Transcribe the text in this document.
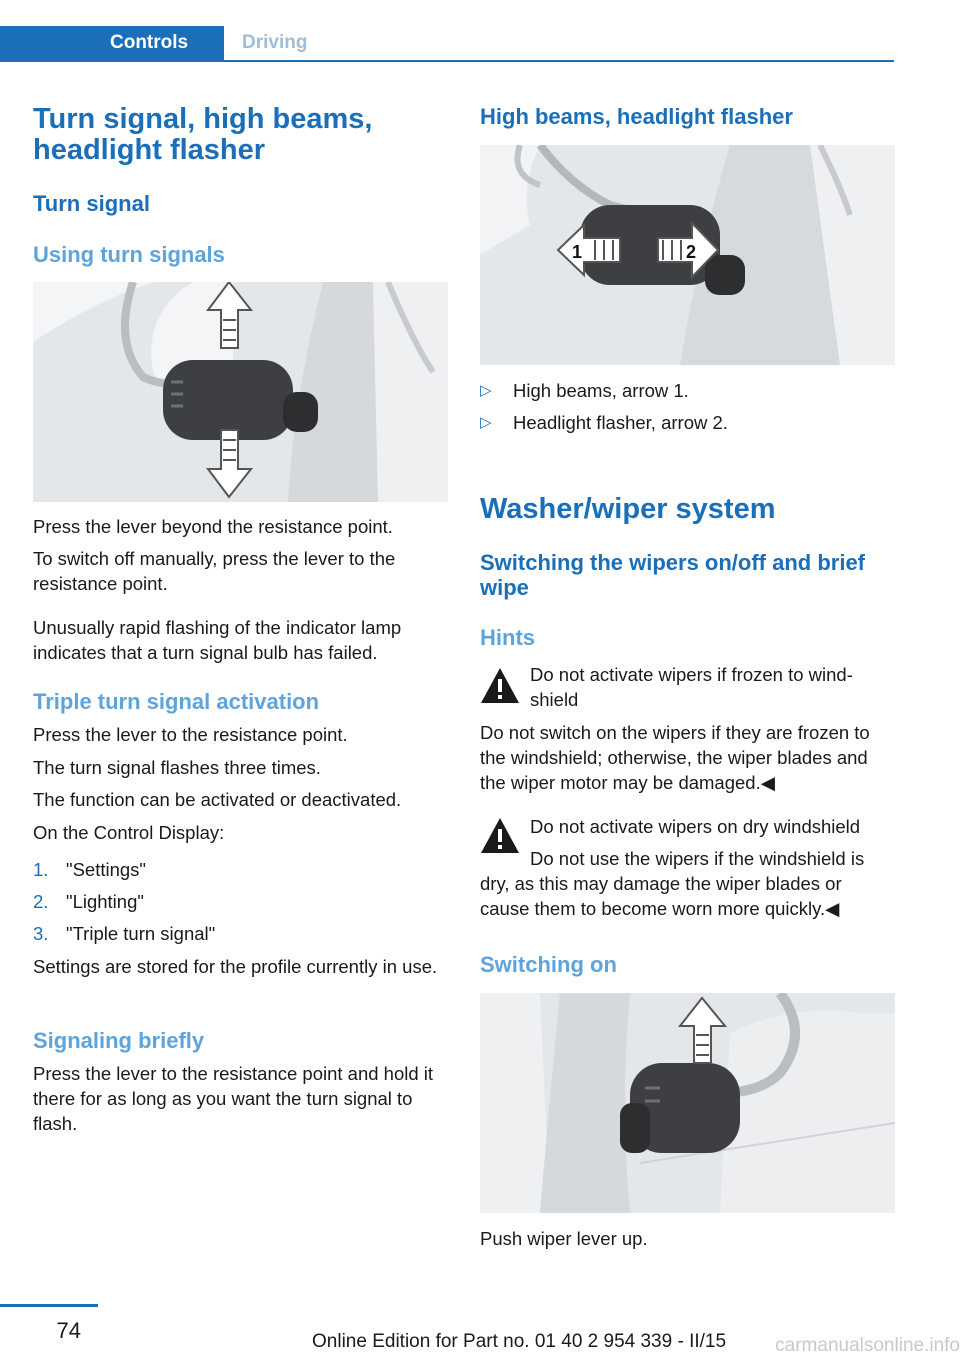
Controls	Driving
Turn signal, high beams, headlight flasher
Turn signal
Using turn signals
Press the lever beyond the resistance point.
To switch off manually, press the lever to the resistance point.
Unusually rapid flashing of the indicator lamp indicates that a turn signal bulb has failed.
Triple turn signal activation
Press the lever to the resistance point.
The turn signal flashes three times.
The function can be activated or deactivated.
On the Control Display:
1. "Settings"
2. "Lighting"
3. "Triple turn signal"
Settings are stored for the profile currently in use.
Signaling briefly
Press the lever to the resistance point and hold it there for as long as you want the turn signal to flash.
High beams, headlight flasher
1	2
▷ High beams, arrow 1.
▷ Headlight flasher, arrow 2.
Washer/wiper system
Switching the wipers on/off and brief wipe
Hints
Do not activate wipers if frozen to wind-
shield
Do not switch on the wipers if they are frozen to the windshield; otherwise, the wiper blades and the wiper motor may be damaged.◀
Do not activate wipers on dry windshield
Do not use the wipers if the windshield is
dry, as this may damage the wiper blades or cause them to become worn more quickly.◀
Switching on
Push wiper lever up.
74
carmanualsonline.info
Online Edition for Part no. 01 40 2 954 339 - II/15
